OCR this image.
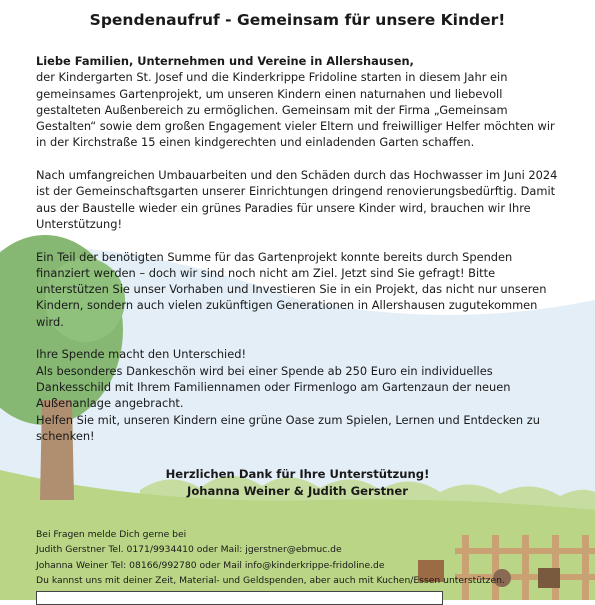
Spendenaufruf - Gemeinsam für unsere Kinder!

Liebe Familien, Unternehmen und Vereine in Allershausen,

der Kindergarten St. Josef und die Kinderkrippe Fridoline starten in diesem Jahr ein gemeinsames Gartenprojekt, um unseren Kindern einen naturnahen und liebevoll gestalteten Außenbereich zu ermöglichen. Gemeinsam mit der Firma „Gemeinsam Gestalten“ sowie dem großen Engagement vieler Eltern und freiwilliger Helfer möchten wir in der Kirchstraße 15 einen kindgerechten und einladenden Garten schaffen.

Nach umfangreichen Umbauarbeiten und den Schäden durch das Hochwasser im Juni 2024 ist der Gemeinschaftsgarten unserer Einrichtungen dringend renovierungsbedürftig. Damit aus der Baustelle wieder ein grünes Paradies für unsere Kinder wird, brauchen wir Ihre Unterstützung!

Ein Teil der benötigten Summe für das Gartenprojekt konnte bereits durch Spenden finanziert werden – doch wir sind noch nicht am Ziel. Jetzt sind Sie gefragt! Bitte unterstützen Sie unser Vorhaben und Investieren Sie in ein Projekt, das nicht nur unseren Kindern, sondern auch vielen zukünftigen Generationen in Allershausen zugutekommen wird.

Ihre Spende macht den Unterschied!

Als besonderes Dankeschön wird bei einer Spende ab 250 Euro ein individuelles Dankesschild mit Ihrem Familiennamen oder Firmenlogo am Gartenzaun der neuen Außenanlage angebracht.

Helfen Sie mit, unseren Kindern eine grüne Oase zum Spielen, Lernen und Entdecken zu schenken!

Herzlichen Dank für Ihre Unterstützung!
Johanna Weiner & Judith Gerstner
Bei Fragen melde Dich gerne bei
Judith Gerstner Tel. 0171/9934410 oder Mail: jgerstner@ebmuc.de
Johanna Weiner Tel: 08166/992780 oder Mail info@kinderkrippe-fridoline.de
Du kannst uns mit deiner Zeit, Material- und Geldspenden, aber auch mit Kuchen/Essen unterstützen.
